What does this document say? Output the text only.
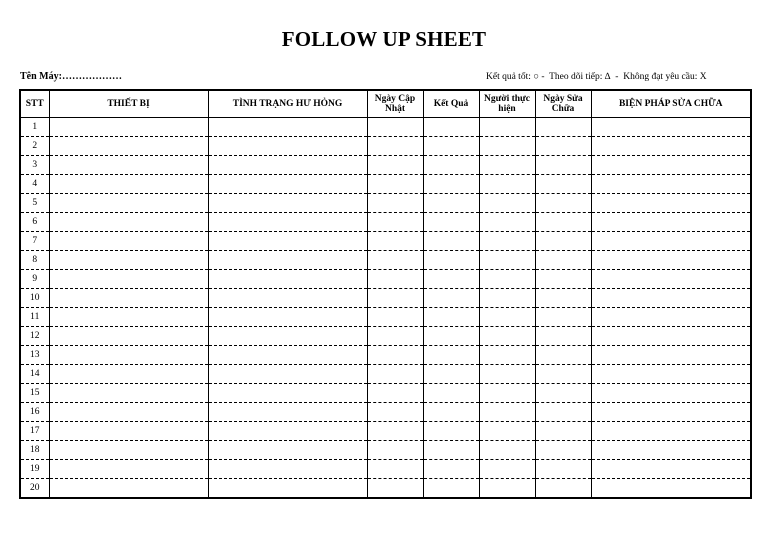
FOLLOW UP SHEET
Tên Máy:………………	Kết quả tốt: ○ -  Theo dõi tiếp: ∆  -  Không đạt yêu cầu: X
STT	THIẾT BỊ	TÌNH TRẠNG HƯ HỎNG	Ngày Cập Nhật	Kết Quả	Người thực hiện	Ngày Sửa Chữa	BIỆN PHÁP SỬA CHỮA
1							
2							
3							
4							
5							
6							
7							
8							
9							
10							
11							
12							
13							
14							
15							
16							
17							
18							
19							
20							
